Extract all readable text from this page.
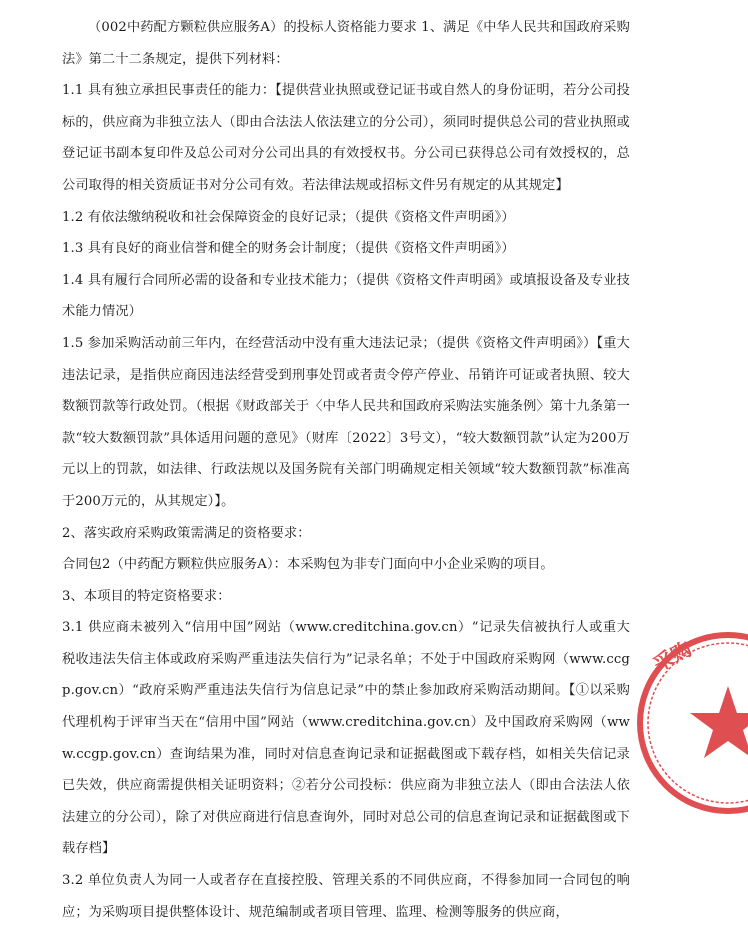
（002中药配方颗粒供应服务A）的投标人资格能力要求 1、满足《中华人民共和国政府采购法》第二十二条规定，提供下列材料：

1.1 具有独立承担民事责任的能力：【提供营业执照或登记证书或自然人的身份证明，若分公司投标的，供应商为非独立法人（即由合法法人依法建立的分公司），须同时提供总公司的营业执照或登记证书副本复印件及总公司对分公司出具的有效授权书。分公司已获得总公司有效授权的，总公司取得的相关资质证书对分公司有效。若法律法规或招标文件另有规定的从其规定】

1.2 有依法缴纳税收和社会保障资金的良好记录；（提供《资格文件声明函》）

1.3 具有良好的商业信誉和健全的财务会计制度；（提供《资格文件声明函》）

1.4 具有履行合同所必需的设备和专业技术能力；（提供《资格文件声明函》或填报设备及专业技术能力情况）

1.5 参加采购活动前三年内，在经营活动中没有重大违法记录；（提供《资格文件声明函》）【重大违法记录，是指供应商因违法经营受到刑事处罚或者责令停产停业、吊销许可证或者执照、较大数额罚款等行政处罚。（根据《财政部关于〈中华人民共和国政府采购法实施条例〉第十九条第一款“较大数额罚款”具体适用问题的意见》（财库〔2022〕3号文），“较大数额罚款”认定为200万元以上的罚款，如法律、行政法规以及国务院有关部门明确规定相关领域“较大数额罚款”标准高于200万元的，从其规定）】。

2、落实政府采购政策需满足的资格要求：

合同包2（中药配方颗粒供应服务A）：本采购包为非专门面向中小企业采购的项目。

3、本项目的特定资格要求：

3.1 供应商未被列入“信用中国”网站（www.creditchina.gov.cn）“记录失信被执行人或重大税收违法失信主体或政府采购严重违法失信行为”记录名单；不处于中国政府采购网（www.ccgp.gov.cn）“政府采购严重违法失信行为信息记录”中的禁止参加政府采购活动期间。【①以采购代理机构于评审当天在“信用中国”网站（www.creditchina.gov.cn）及中国政府采购网（www.ccgp.gov.cn）查询结果为准，同时对信息查询记录和证据截图或下载存档，如相关失信记录已失效，供应商需提供相关证明资料；②若分公司投标：供应商为非独立法人（即由合法法人依法建立的分公司），除了对供应商进行信息查询外，同时对总公司的信息查询记录和证据截图或下载存档】

3.2 单位负责人为同一人或者存在直接控股、管理关系的不同供应商，不得参加同一合同包的响应；为采购项目提供整体设计、规范编制或者项目管理、监理、检测等服务的供应商，

采购
